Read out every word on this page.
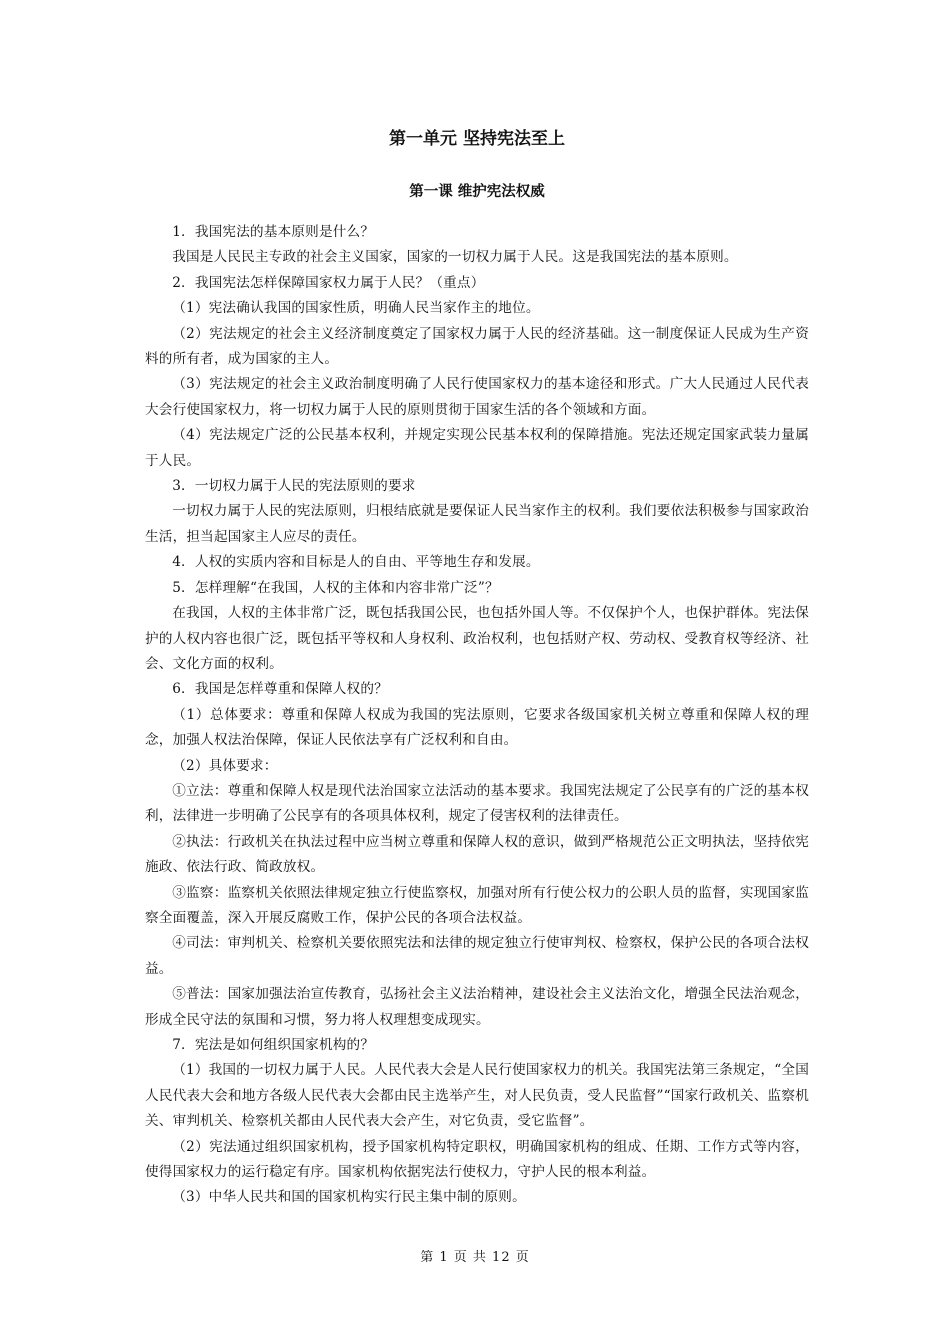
第一单元 坚持宪法至上
第一课 维护宪法权威

1．我国宪法的基本原则是什么？

我国是人民民主专政的社会主义国家，国家的一切权力属于人民。这是我国宪法的基本原则。

2．我国宪法怎样保障国家权力属于人民？（重点）

（1）宪法确认我国的国家性质，明确人民当家作主的地位。

（2）宪法规定的社会主义经济制度奠定了国家权力属于人民的经济基础。这一制度保证人民成为生产资料的所有者，成为国家的主人。

（3）宪法规定的社会主义政治制度明确了人民行使国家权力的基本途径和形式。广大人民通过人民代表大会行使国家权力，将一切权力属于人民的原则贯彻于国家生活的各个领域和方面。

（4）宪法规定广泛的公民基本权利，并规定实现公民基本权利的保障措施。宪法还规定国家武装力量属于人民。

3．一切权力属于人民的宪法原则的要求

一切权力属于人民的宪法原则，归根结底就是要保证人民当家作主的权利。我们要依法积极参与国家政治生活，担当起国家主人应尽的责任。

4．人权的实质内容和目标是人的自由、平等地生存和发展。

5．怎样理解“在我国，人权的主体和内容非常广泛”？

在我国，人权的主体非常广泛，既包括我国公民，也包括外国人等。不仅保护个人，也保护群体。宪法保护的人权内容也很广泛，既包括平等权和人身权利、政治权利，也包括财产权、劳动权、受教育权等经济、社会、文化方面的权利。

6．我国是怎样尊重和保障人权的？

（1）总体要求：尊重和保障人权成为我国的宪法原则，它要求各级国家机关树立尊重和保障人权的理念，加强人权法治保障，保证人民依法享有广泛权利和自由。

（2）具体要求：

①立法：尊重和保障人权是现代法治国家立法活动的基本要求。我国宪法规定了公民享有的广泛的基本权利，法律进一步明确了公民享有的各项具体权利，规定了侵害权利的法律责任。

②执法：行政机关在执法过程中应当树立尊重和保障人权的意识，做到严格规范公正文明执法，坚持依宪施政、依法行政、简政放权。

③监察：监察机关依照法律规定独立行使监察权，加强对所有行使公权力的公职人员的监督，实现国家监察全面覆盖，深入开展反腐败工作，保护公民的各项合法权益。

④司法：审判机关、检察机关要依照宪法和法律的规定独立行使审判权、检察权，保护公民的各项合法权益。

⑤普法：国家加强法治宣传教育，弘扬社会主义法治精神，建设社会主义法治文化，增强全民法治观念，形成全民守法的氛围和习惯，努力将人权理想变成现实。

7．宪法是如何组织国家机构的？

（1）我国的一切权力属于人民。人民代表大会是人民行使国家权力的机关。我国宪法第三条规定，“全国人民代表大会和地方各级人民代表大会都由民主选举产生，对人民负责，受人民监督”“国家行政机关、监察机关、审判机关、检察机关都由人民代表大会产生，对它负责，受它监督”。

（2）宪法通过组织国家机构，授予国家机构特定职权，明确国家机构的组成、任期、工作方式等内容，使得国家权力的运行稳定有序。国家机构依据宪法行使权力，守护人民的根本利益。

（3）中华人民共和国的国家机构实行民主集中制的原则。

第 1 页 共 12 页
